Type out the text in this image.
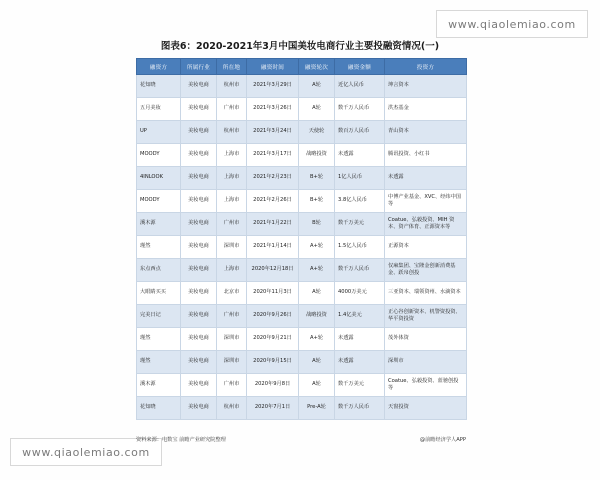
www.qiaolemiao.com
www.qiaolemiao.com
图表6：2020-2021年3月中国美妆电商行业主要投融资情况(一)
融资方	所属行业	所在地	融资时间	融资轮次	融资金额	投资方
花知晓	美妆电商	杭州市	2021年3月29日	A轮	近亿人民币	坤言资本
五月美妆	美妆电商	广州市	2021年3月26日	A轮	数千万人民币	洪杰基金
UP	美妆电商	杭州市	2021年3月24日	天使轮	数百万人民币	青山资本
MOODY	美妆电商	上海市	2021年3月17日	战略投资	未透露	腾讯投资、小红书
4INLOOK	美妆电商	上海市	2021年2月23日	B+轮	1亿人民币	未透露
MOODY	美妆电商	上海市	2021年2月26日	B+轮	3.8亿人民币	中博产业基金、XVC、经纬中国等
溪木源	美妆电商	广州市	2021年1月22日	B轮	数千万美元	Coatue、弘毅投资、MIH 资本、资产体育、正源资本等
瑾然	美妆电商	深圳市	2021年1月14日	A+轮	1.5亿人民币	正源资本
东点西点	美妆电商	上海市	2020年12月18日	A+轮	数千万人民币	仅麻集团、宝隆金创新消费基金、跃帛创投
大眼睛买买	美妆电商	北京市	2020年11月3日	A轮	4000万美元	三亚资本、瑞领资州、水滴资本
完美日记	美妆电商	广州市	2020年9月26日	战略投资	1.4亿美元	正心谷创新资本、机警资投资、华平资投资
瑾然	美妆电商	深圳市	2020年9月21日	A+轮	未透露	茂外体资
瑾然	美妆电商	深圳市	2020年9月15日	A轮	未透露	深圳市
溪木源	美妆电商	广州市	2020年9月8日	A轮	数千万美元	Coatue、弘毅投资、蓝驰创投等
花知晓	美妆电商	杭州市	2020年7月1日	Pre-A轮	数千万人民币	天窗投资
资料来源：电数宝 前瞻产业研究院整理	@前瞻经济学人APP
